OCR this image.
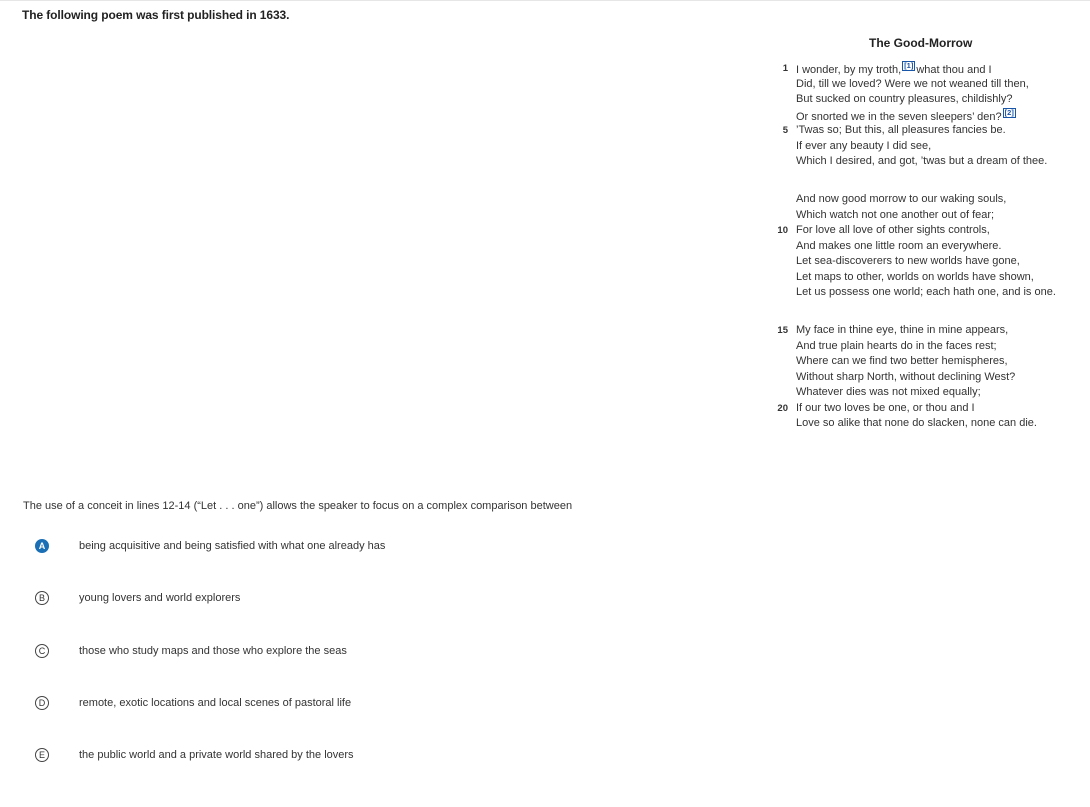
The following poem was first published in 1633.
The Good-Morrow
1 I wonder, by my troth, [1] what thou and I
Did, till we loved? Were we not weaned till then,
But sucked on country pleasures, childishly?
Or snorted we in the seven sleepers’ den? [2]
5 ’Twas so; But this, all pleasures fancies be.
If ever any beauty I did see,
Which I desired, and got, ’twas but a dream of thee.
And now good morrow to our waking souls,
Which watch not one another out of fear;
10 For love all love of other sights controls,
And makes one little room an everywhere.
Let sea-discoverers to new worlds have gone,
Let maps to other, worlds on worlds have shown,
Let us possess one world; each hath one, and is one.
15 My face in thine eye, thine in mine appears,
And true plain hearts do in the faces rest;
Where can we find two better hemispheres,
Without sharp North, without declining West?
Whatever dies was not mixed equally;
20 If our two loves be one, or thou and I
Love so alike that none do slacken, none can die.
The use of a conceit in lines 12-14 (“Let . . . one”) allows the speaker to focus on a complex comparison between
A	being acquisitive and being satisfied with what one already has
B	young lovers and world explorers
C	those who study maps and those who explore the seas
D	remote, exotic locations and local scenes of pastoral life
E	the public world and a private world shared by the lovers
